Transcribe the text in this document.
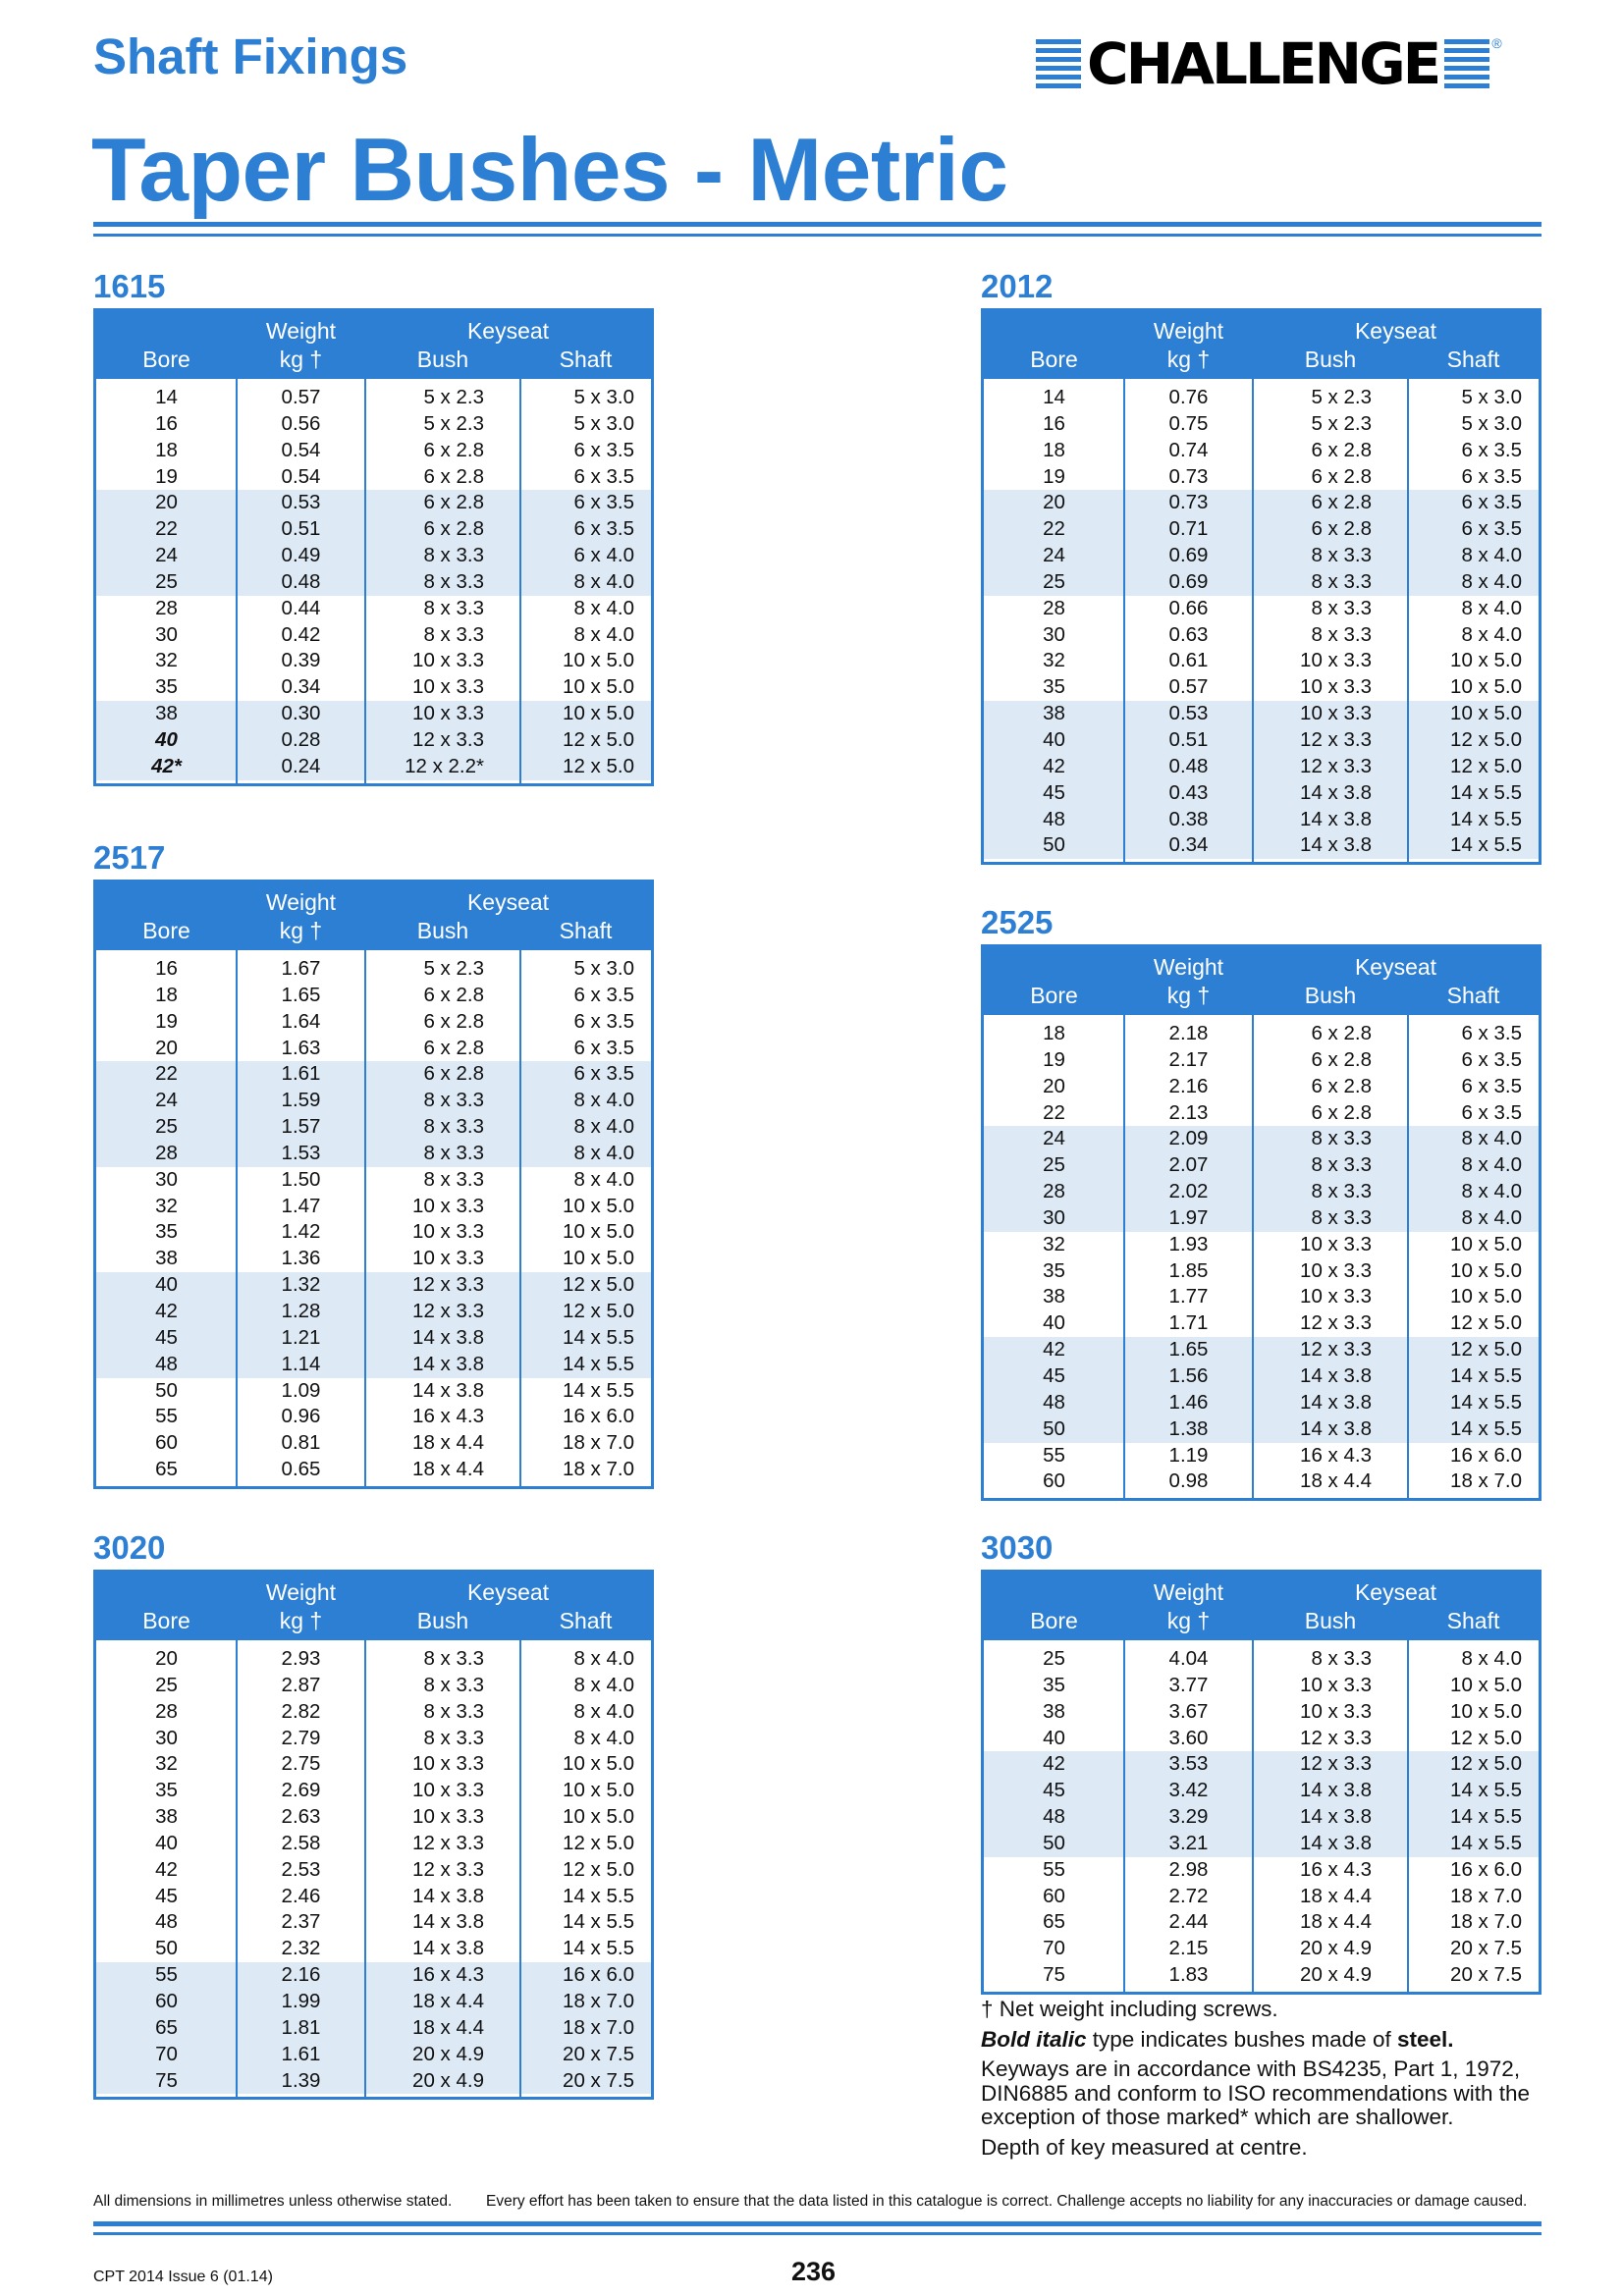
Shaft Fixings
Taper Bushes - Metric
CHALLENGE	®
1615
Bore
Weight
kg †
Keyseat
Bush	Shaft
14	0.57	5 x 2.3	5 x 3.0
16	0.56	5 x 2.3	5 x 3.0
18	0.54	6 x 2.8	6 x 3.5
19	0.54	6 x 2.8	6 x 3.5
20	0.53	6 x 2.8	6 x 3.5
22	0.51	6 x 2.8	6 x 3.5
24	0.49	8 x 3.3	6 x 4.0
25	0.48	8 x 3.3	8 x 4.0
28	0.44	8 x 3.3	8 x 4.0
30	0.42	8 x 3.3	8 x 4.0
32	0.39	10 x 3.3	10 x 5.0
35	0.34	10 x 3.3	10 x 5.0
38	0.30	10 x 3.3	10 x 5.0
40	0.28	12 x 3.3	12 x 5.0
42*	0.24	12 x 2.2*	12 x 5.0
2517
Bore
Weight
kg †
Keyseat
Bush	Shaft
16	1.67	5 x 2.3	5 x 3.0
18	1.65	6 x 2.8	6 x 3.5
19	1.64	6 x 2.8	6 x 3.5
20	1.63	6 x 2.8	6 x 3.5
22	1.61	6 x 2.8	6 x 3.5
24	1.59	8 x 3.3	8 x 4.0
25	1.57	8 x 3.3	8 x 4.0
28	1.53	8 x 3.3	8 x 4.0
30	1.50	8 x 3.3	8 x 4.0
32	1.47	10 x 3.3	10 x 5.0
35	1.42	10 x 3.3	10 x 5.0
38	1.36	10 x 3.3	10 x 5.0
40	1.32	12 x 3.3	12 x 5.0
42	1.28	12 x 3.3	12 x 5.0
45	1.21	14 x 3.8	14 x 5.5
48	1.14	14 x 3.8	14 x 5.5
50	1.09	14 x 3.8	14 x 5.5
55	0.96	16 x 4.3	16 x 6.0
60	0.81	18 x 4.4	18 x 7.0
65	0.65	18 x 4.4	18 x 7.0
3020
Bore
Weight
kg †
Keyseat
Bush	Shaft
20	2.93	8 x 3.3	8 x 4.0
25	2.87	8 x 3.3	8 x 4.0
28	2.82	8 x 3.3	8 x 4.0
30	2.79	8 x 3.3	8 x 4.0
32	2.75	10 x 3.3	10 x 5.0
35	2.69	10 x 3.3	10 x 5.0
38	2.63	10 x 3.3	10 x 5.0
40	2.58	12 x 3.3	12 x 5.0
42	2.53	12 x 3.3	12 x 5.0
45	2.46	14 x 3.8	14 x 5.5
48	2.37	14 x 3.8	14 x 5.5
50	2.32	14 x 3.8	14 x 5.5
55	2.16	16 x 4.3	16 x 6.0
60	1.99	18 x 4.4	18 x 7.0
65	1.81	18 x 4.4	18 x 7.0
70	1.61	20 x 4.9	20 x 7.5
75	1.39	20 x 4.9	20 x 7.5
2012
Bore
Weight
kg †
Keyseat
Bush	Shaft
14	0.76	5 x 2.3	5 x 3.0
16	0.75	5 x 2.3	5 x 3.0
18	0.74	6 x 2.8	6 x 3.5
19	0.73	6 x 2.8	6 x 3.5
20	0.73	6 x 2.8	6 x 3.5
22	0.71	6 x 2.8	6 x 3.5
24	0.69	8 x 3.3	8 x 4.0
25	0.69	8 x 3.3	8 x 4.0
28	0.66	8 x 3.3	8 x 4.0
30	0.63	8 x 3.3	8 x 4.0
32	0.61	10 x 3.3	10 x 5.0
35	0.57	10 x 3.3	10 x 5.0
38	0.53	10 x 3.3	10 x 5.0
40	0.51	12 x 3.3	12 x 5.0
42	0.48	12 x 3.3	12 x 5.0
45	0.43	14 x 3.8	14 x 5.5
48	0.38	14 x 3.8	14 x 5.5
50	0.34	14 x 3.8	14 x 5.5
2525
Bore
Weight
kg †
Keyseat
Bush	Shaft
18	2.18	6 x 2.8	6 x 3.5
19	2.17	6 x 2.8	6 x 3.5
20	2.16	6 x 2.8	6 x 3.5
22	2.13	6 x 2.8	6 x 3.5
24	2.09	8 x 3.3	8 x 4.0
25	2.07	8 x 3.3	8 x 4.0
28	2.02	8 x 3.3	8 x 4.0
30	1.97	8 x 3.3	8 x 4.0
32	1.93	10 x 3.3	10 x 5.0
35	1.85	10 x 3.3	10 x 5.0
38	1.77	10 x 3.3	10 x 5.0
40	1.71	12 x 3.3	12 x 5.0
42	1.65	12 x 3.3	12 x 5.0
45	1.56	14 x 3.8	14 x 5.5
48	1.46	14 x 3.8	14 x 5.5
50	1.38	14 x 3.8	14 x 5.5
55	1.19	16 x 4.3	16 x 6.0
60	0.98	18 x 4.4	18 x 7.0
3030
Bore
Weight
kg †
Keyseat
Bush	Shaft
25	4.04	8 x 3.3	8 x 4.0
35	3.77	10 x 3.3	10 x 5.0
38	3.67	10 x 3.3	10 x 5.0
40	3.60	12 x 3.3	12 x 5.0
42	3.53	12 x 3.3	12 x 5.0
45	3.42	14 x 3.8	14 x 5.5
48	3.29	14 x 3.8	14 x 5.5
50	3.21	14 x 3.8	14 x 5.5
55	2.98	16 x 4.3	16 x 6.0
60	2.72	18 x 4.4	18 x 7.0
65	2.44	18 x 4.4	18 x 7.0
70	2.15	20 x 4.9	20 x 7.5
75	1.83	20 x 4.9	20 x 7.5

† Net weight including screws.

Bold italic type indicates bushes made of steel.

Keyways are in accordance with BS4235, Part 1, 1972, DIN6885 and conform to ISO recommendations with the exception of those marked* which are shallower.

Depth of key measured at centre.

All dimensions in millimetres unless otherwise stated. Every effort has been taken to ensure that the data listed in this catalogue is correct. Challenge accepts no liability for any inaccuracies or damage caused.
CPT 2014 Issue 6 (01.14)	236
